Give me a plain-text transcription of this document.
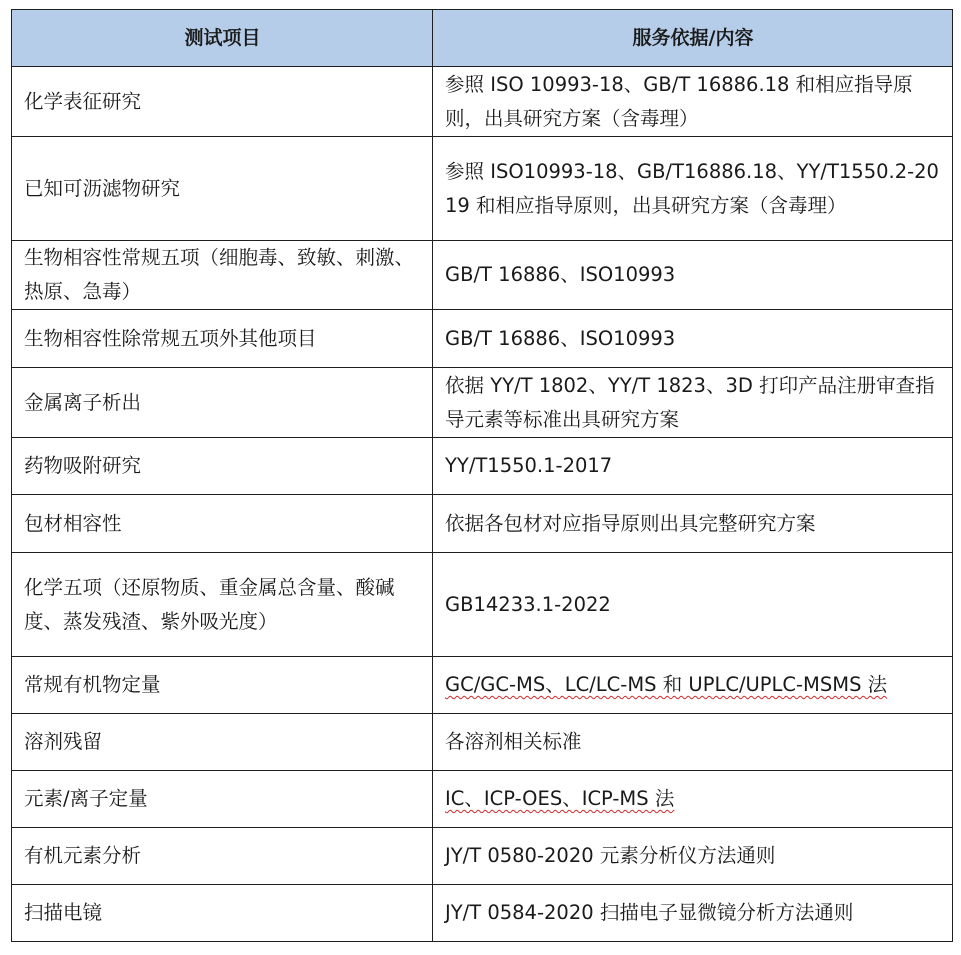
测试项目	服务依据/内容

化学表征研究	参照 ISO 10993-18、GB/T 16886.18 和相应指导原则，出具研究方案（含毒理）

已知可沥滤物研究	参照 ISO10993-18、GB/T16886.18、YY/T1550.2-2019 和相应指导原则，出具研究方案（含毒理）

生物相容性常规五项（细胞毒、致敏、刺激、热原、急毒）	GB/T 16886、ISO10993

生物相容性除常规五项外其他项目	GB/T 16886、ISO10993

金属离子析出	依据 YY/T 1802、YY/T 1823、3D 打印产品注册审查指导元素等标准出具研究方案

药物吸附研究	YY/T1550.1-2017

包材相容性	依据各包材对应指导原则出具完整研究方案

化学五项（还原物质、重金属总含量、酸碱度、蒸发残渣、紫外吸光度）	GB14233.1-2022

常规有机物定量	GC/GC-MS、LC/LC-MS 和 UPLC/UPLC-MSMS 法

溶剂残留	各溶剂相关标准

元素/离子定量	IC、ICP-OES、ICP-MS 法

有机元素分析	JY/T 0580-2020 元素分析仪方法通则

扫描电镜	JY/T 0584-2020 扫描电子显微镜分析方法通则
